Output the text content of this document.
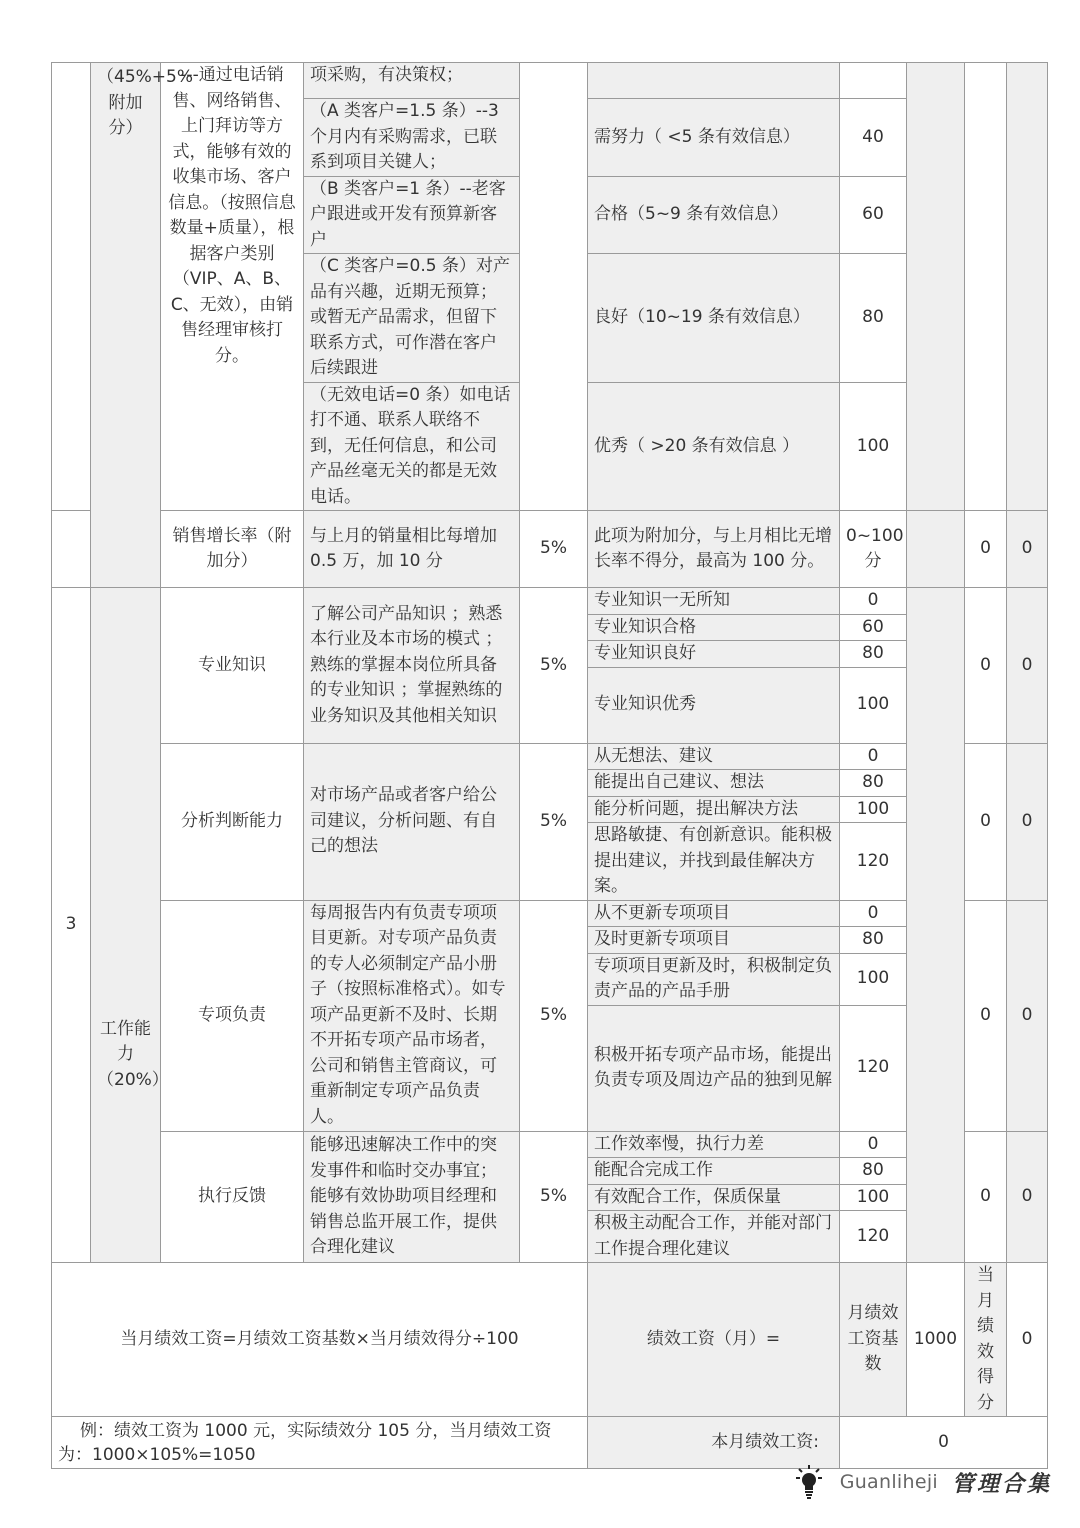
	（45%+5% 附加分）	---通过电话销售、网络销售、上门拜访等方式，能够有效的收集市场、客户信息。（按照信息数量+质量），根据客户类别（VIP、A、B、C、无效），由销售经理审核打分。	项采购，有决策权；						
			（A 类客户=1.5 条）--3 个月内有采购需求，已联系到项目关键人；		需努力（ <5 条有效信息）	40			
			（B 类客户=1 条）--老客户跟进或开发有预算新客户		合格（5~9 条有效信息）	60			
			（C 类客户=0.5 条）对产品有兴趣，近期无预算；或暂无产品需求，但留下联系方式，可作潜在客户后续跟进		良好（10~19 条有效信息）	80			
			（无效电话=0 条）如电话打不通、联系人联络不到，无任何信息，和公司产品丝毫无关的都是无效电话。		优秀（ >20 条有效信息 ）	100			

		销售增长率（附加分）	与上月的销量相比每增加 0.5 万，加 10 分	5%	此项为附加分，与上月相比无增长率不得分，最高为 100 分。	0~100 分		0	0
3	工作能力（20%）	专业知识	了解公司产品知识 ；熟悉本行业及本市场的模式 ；熟练的掌握本岗位所具备的专业知识 ；掌握熟练的业务知识及其他相关知识	5%	专业知识一无所知	0		0	0
					专业知识合格	60			
					专业知识良好	80			
					专业知识优秀	100			
		分析判断能力	对市场产品或者客户给公司建议，分析问题、有自己的想法	5%	从无想法、建议	0		0	0
					能提出自己建议、想法	80			
					能分析问题，提出解决方法	100			
					思路敏捷、有创新意识。能积极提出建议，并找到最佳解决方案。	120			
		专项负责	每周报告内有负责专项项目更新。对专项产品负责的专人必须制定产品小册子（按照标准格式）。如专项产品更新不及时、长期不开拓专项产品市场者，公司和销售主管商议，可重新制定专项产品负责人。	5%	从不更新专项项目	0		0	0
					及时更新专项项目	80			
					专项项目更新及时，积极制定负责产品的产品手册	100			
					积极开拓专项产品市场，能提出负责专项及周边产品的独到见解	120			
		执行反馈	能够迅速解决工作中的突发事件和临时交办事宜；能够有效协助项目经理和销售总监开展工作，提供合理化建议	5%	工作效率慢，执行力差	0		0	0
					能配合完成工作	80			
					有效配合工作，保质保量	100			
					积极主动配合工作，并能对部门工作提合理化建议	120			
当月绩效工资=月绩效工资基数×当月绩效得分÷100					绩效工资（月）=	月绩效工资基数	1000	当月绩效得分	0
例：绩效工资为 1000 元，实际绩效分 105 分，当月绩效工资为：1000×105%=1050					本月绩效工资:	0			
Guanliheji 管理合集
